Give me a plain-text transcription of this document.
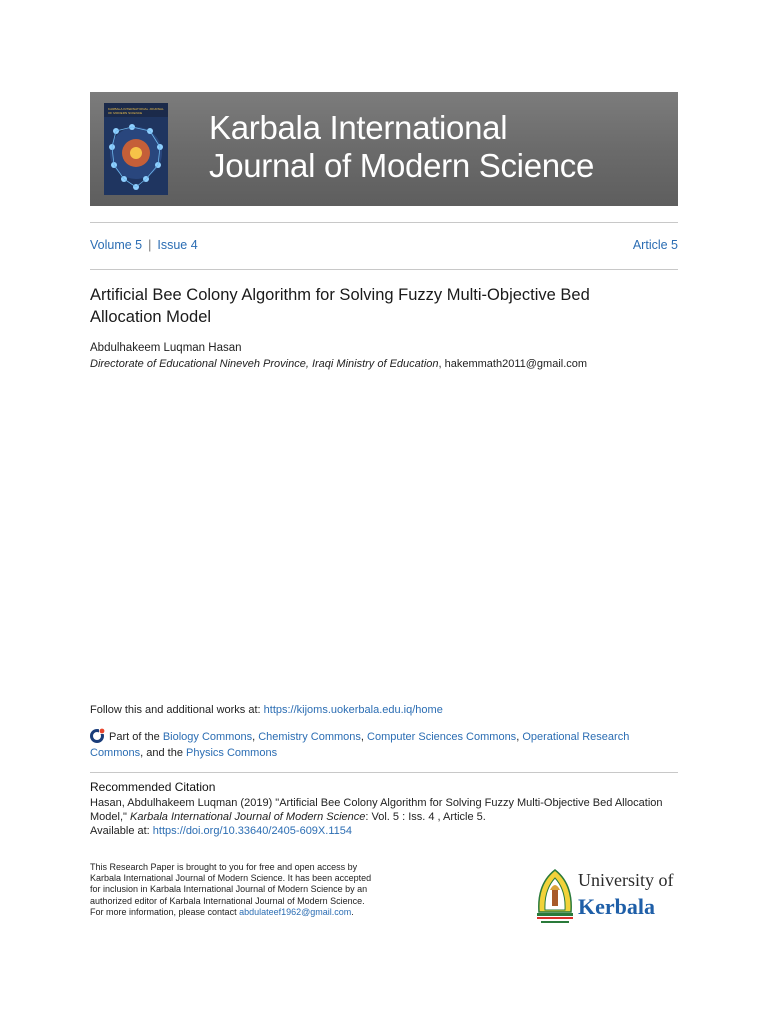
KARBALA INTERNATIONAL JOURNAL OF MODERN SCIENCE	Karbala International
Journal of Modern Science
Volume 5 | Issue 4	Article 5
Artificial Bee Colony Algorithm for Solving Fuzzy Multi-Objective Bed Allocation Model
Abdulhakeem Luqman Hasan
Directorate of Educational Nineveh Province, Iraqi Ministry of Education, hakemmath2011@gmail.com
Follow this and additional works at: https://kijoms.uokerbala.edu.iq/home
Part of the Biology Commons, Chemistry Commons, Computer Sciences Commons, Operational Research Commons, and the Physics Commons
Recommended Citation
Hasan, Abdulhakeem Luqman (2019) "Artificial Bee Colony Algorithm for Solving Fuzzy Multi-Objective Bed Allocation Model," Karbala International Journal of Modern Science: Vol. 5 : Iss. 4 , Article 5.
Available at: https://doi.org/10.33640/2405-609X.1154
This Research Paper is brought to you for free and open access by Karbala International Journal of Modern Science. It has been accepted for inclusion in Karbala International Journal of Modern Science by an authorized editor of Karbala International Journal of Modern Science. For more information, please contact abdulateef1962@gmail.com.
University of
Kerbala
